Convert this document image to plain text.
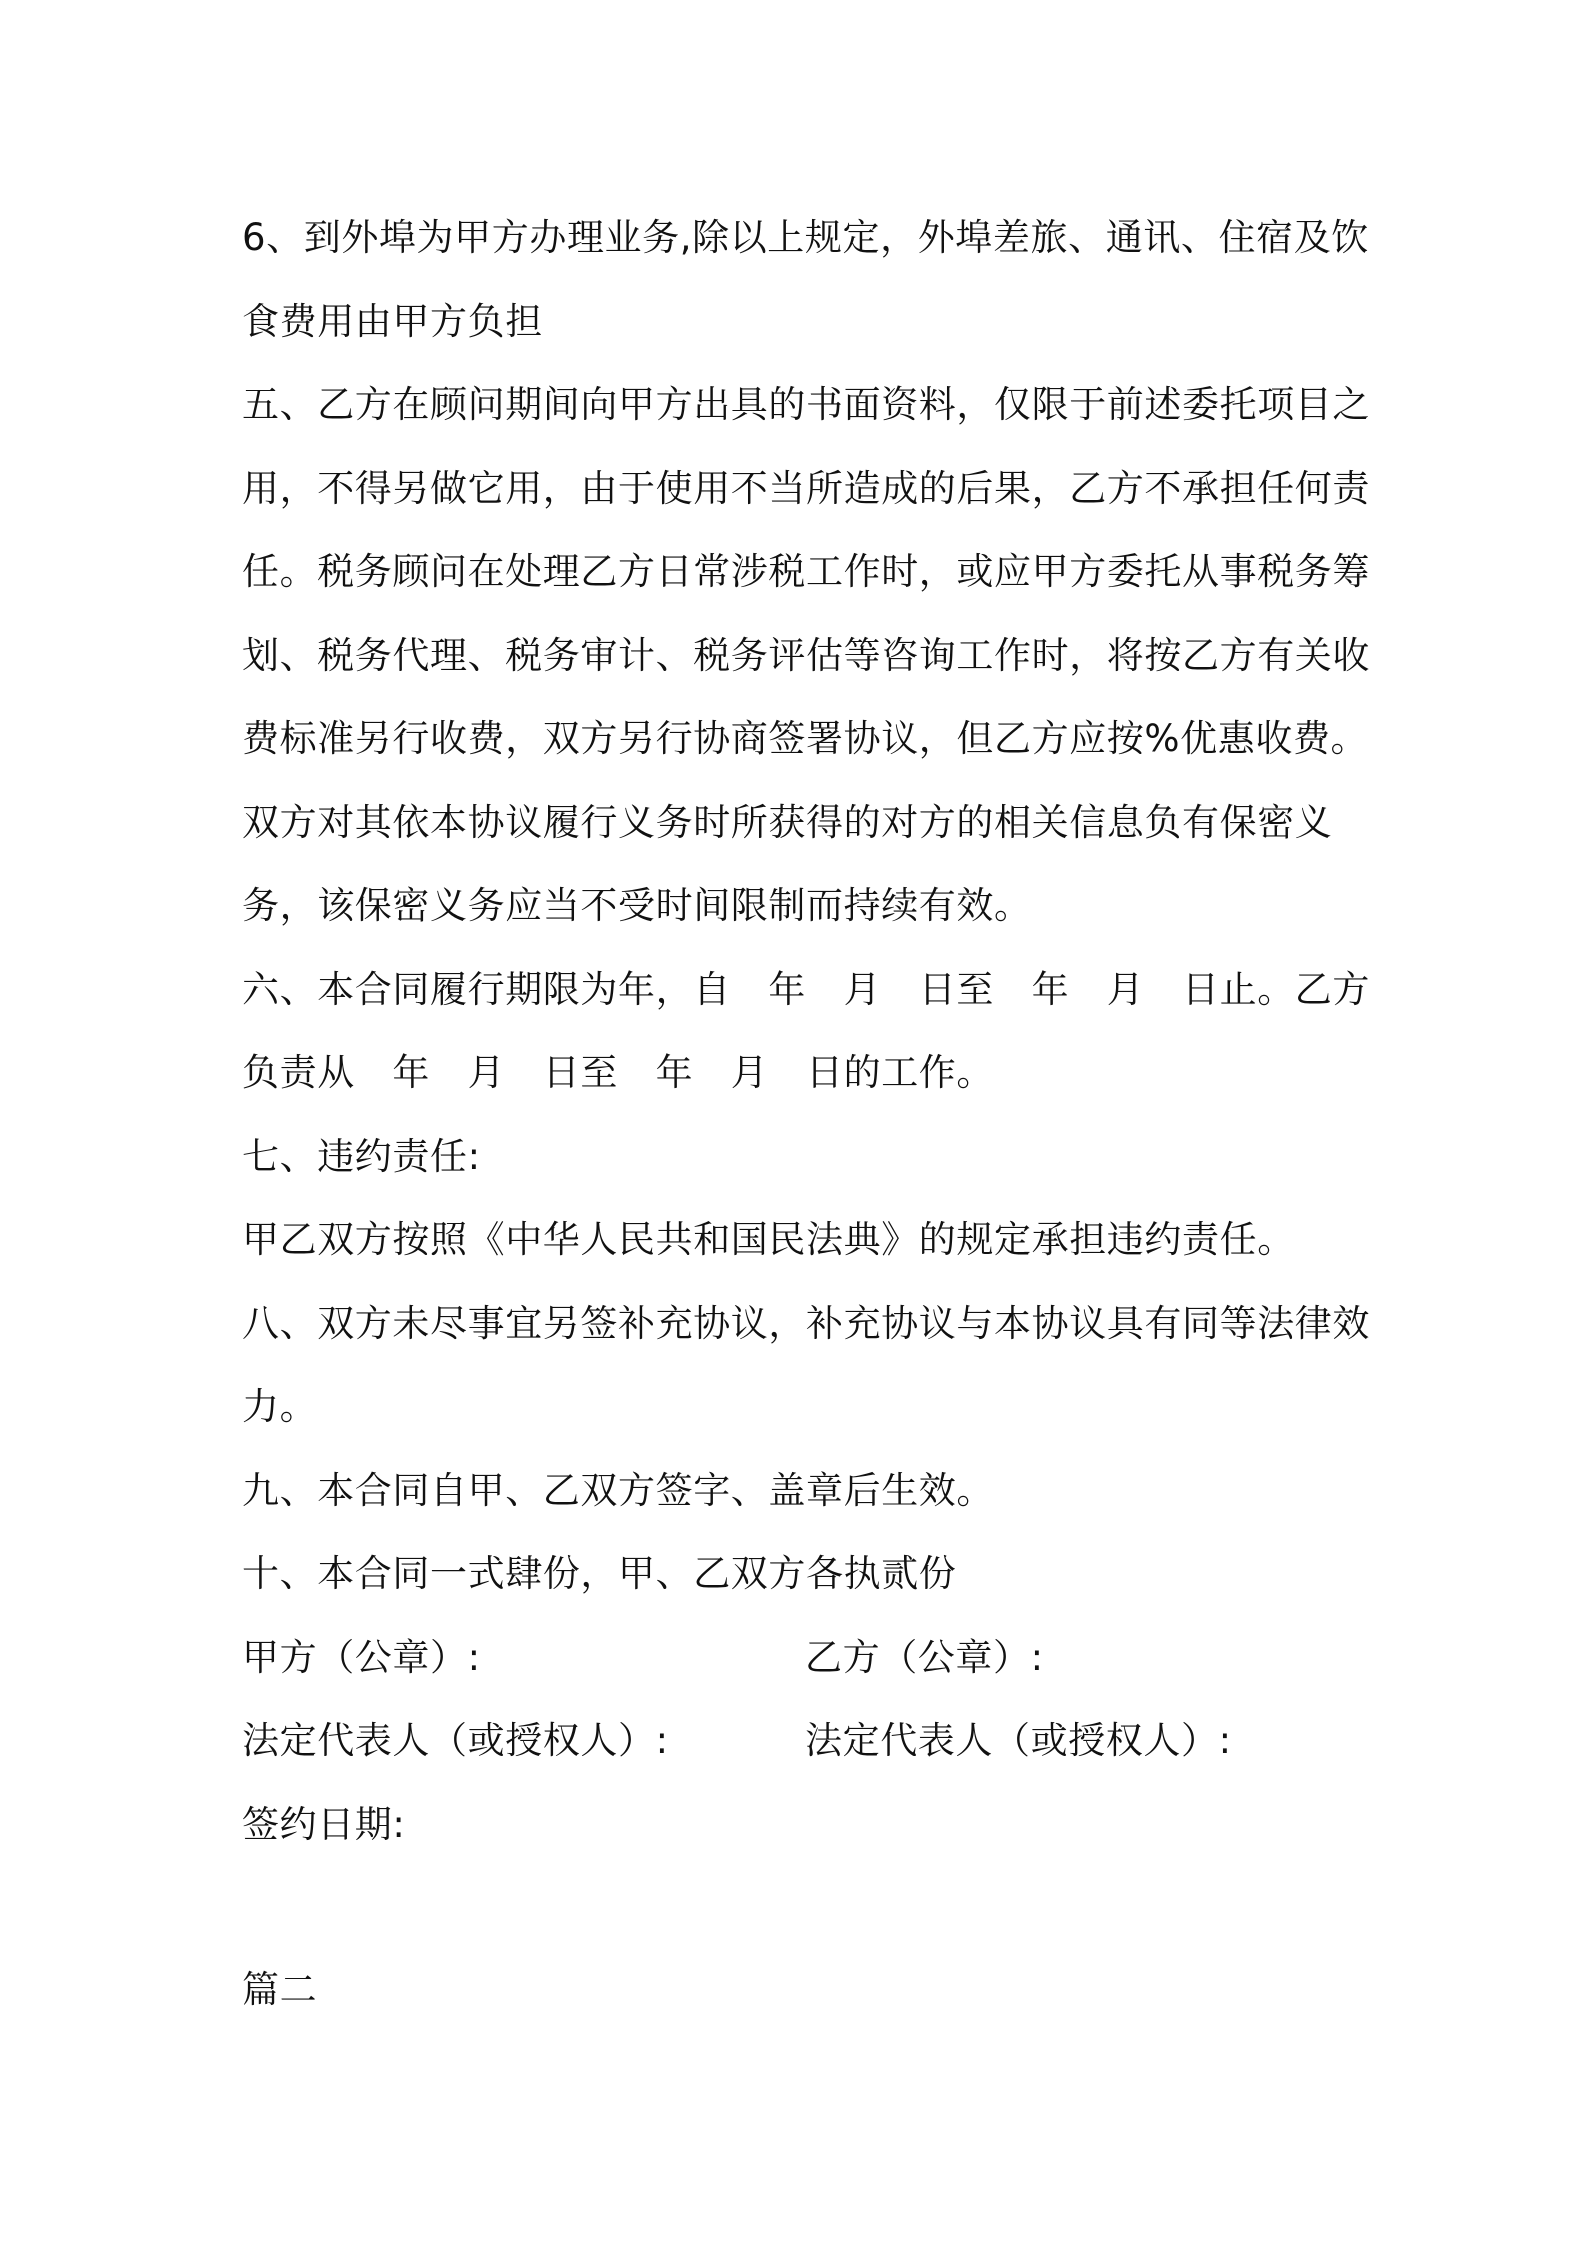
6、到外埠为甲方办理业务,除以上规定，外埠差旅、通讯、住宿及饮
食费用由甲方负担
五、乙方在顾问期间向甲方出具的书面资料，仅限于前述委托项目之
用，不得另做它用，由于使用不当所造成的后果，乙方不承担任何责
任。税务顾问在处理乙方日常涉税工作时，或应甲方委托从事税务筹
划、税务代理、税务审计、税务评估等咨询工作时，将按乙方有关收
费标准另行收费，双方另行协商签署协议，但乙方应按%优惠收费。
双方对其依本协议履行义务时所获得的对方的相关信息负有保密义
务，该保密义务应当不受时间限制而持续有效。
六、本合同履行期限为年，自　年　月　日至　年　月　日止。乙方
负责从　年　月　日至　年　月　日的工作。
七、违约责任:
甲乙双方按照《中华人民共和国民法典》的规定承担违约责任。
八、双方未尽事宜另签补充协议，补充协议与本协议具有同等法律效
力。
九、本合同自甲、乙双方签字、盖章后生效。
十、本合同一式肆份，甲、乙双方各执贰份
甲方（公章）:	乙方（公章）:
法定代表人（或授权人）:	法定代表人（或授权人）:
签约日期:
篇二
